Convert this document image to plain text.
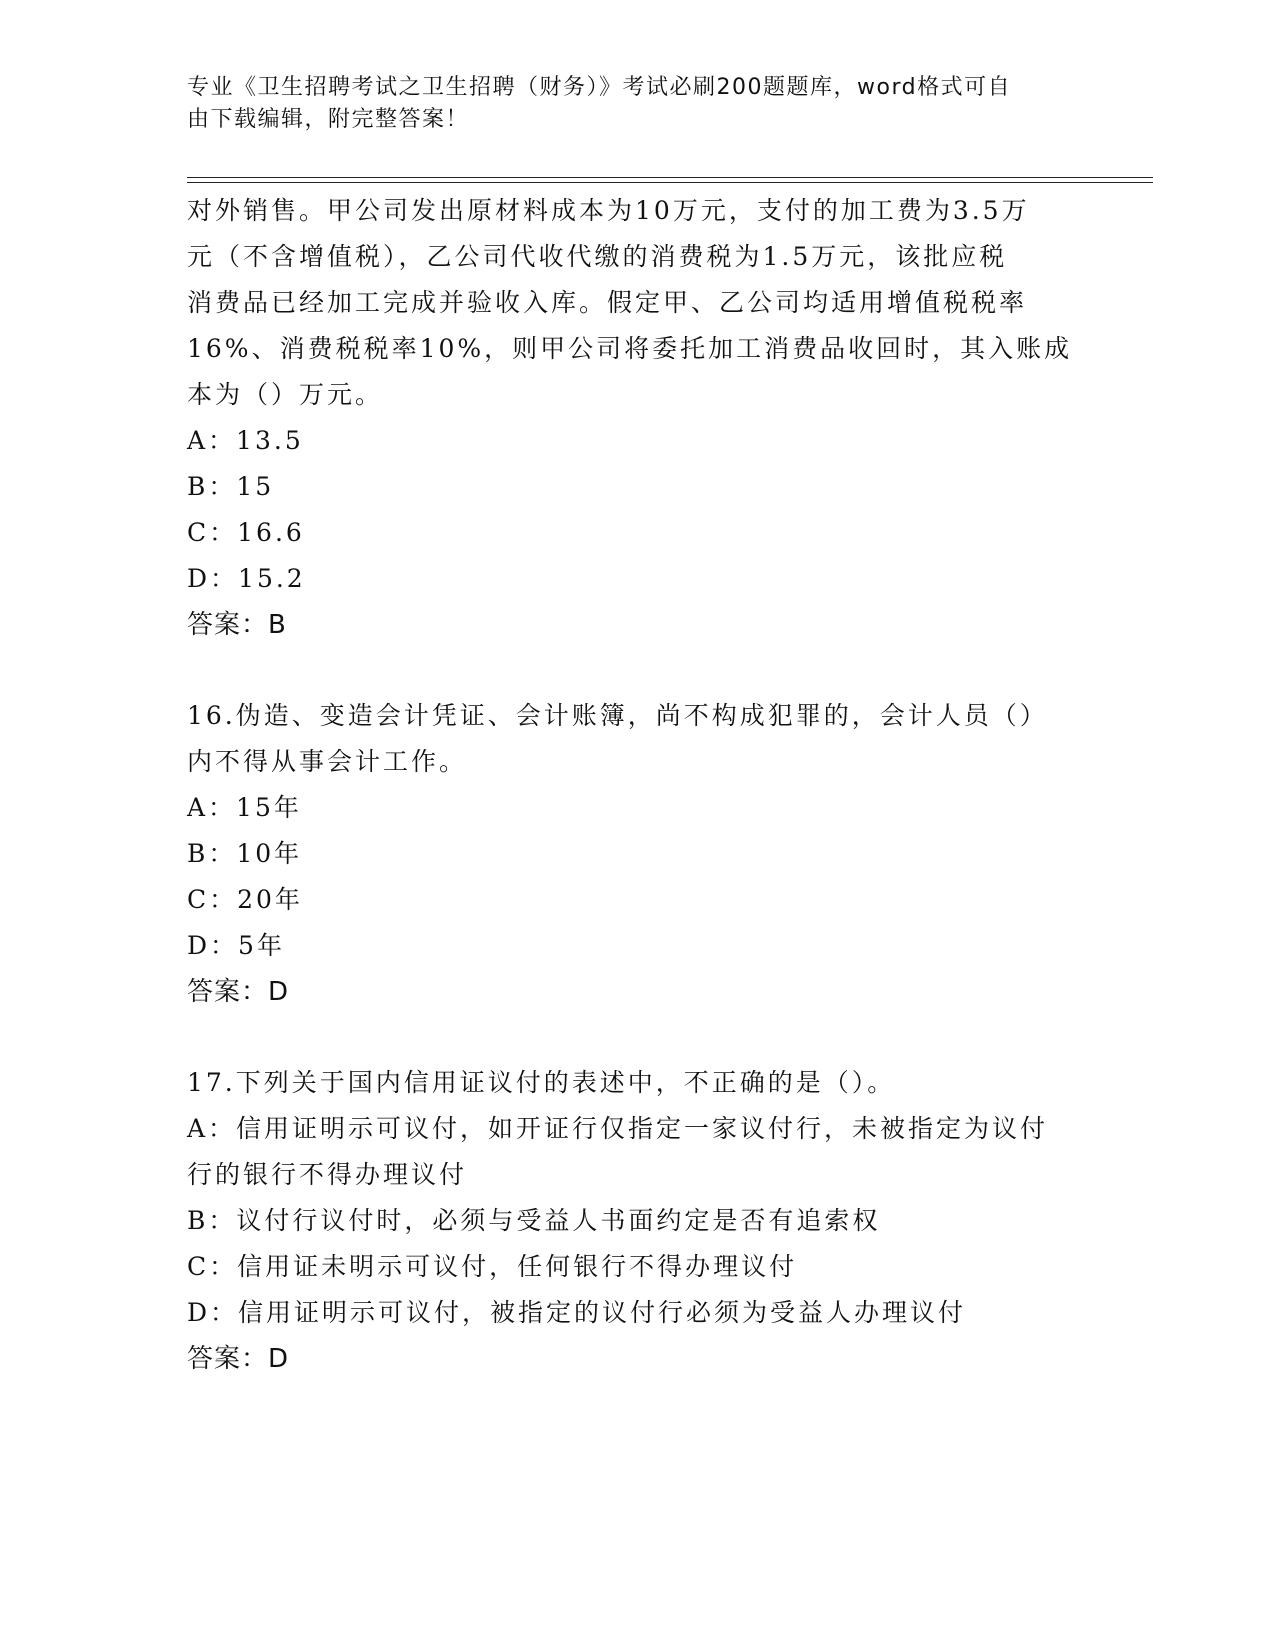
专业《卫生招聘考试之卫生招聘（财务）》考试必刷200题题库，word格式可自
由下载编辑，附完整答案！
对外销售。甲公司发出原材料成本为10万元，支付的加工费为3.5万
元（不含增值税），乙公司代收代缴的消费税为1.5万元，该批应税
消费品已经加工完成并验收入库。假定甲、乙公司均适用增值税税率
16%、消费税税率10%，则甲公司将委托加工消费品收回时，其入账成
本为（）万元。
A：13.5
B：15
C：16.6
D：15.2
答案：B
16.伪造、变造会计凭证、会计账簿，尚不构成犯罪的，会计人员（）
内不得从事会计工作。
A：15年
B：10年
C：20年
D：5年
答案：D
17.下列关于国内信用证议付的表述中，不正确的是（）。
A：信用证明示可议付，如开证行仅指定一家议付行，未被指定为议付
行的银行不得办理议付
B：议付行议付时，必须与受益人书面约定是否有追索权
C：信用证未明示可议付，任何银行不得办理议付
D：信用证明示可议付，被指定的议付行必须为受益人办理议付
答案：D
